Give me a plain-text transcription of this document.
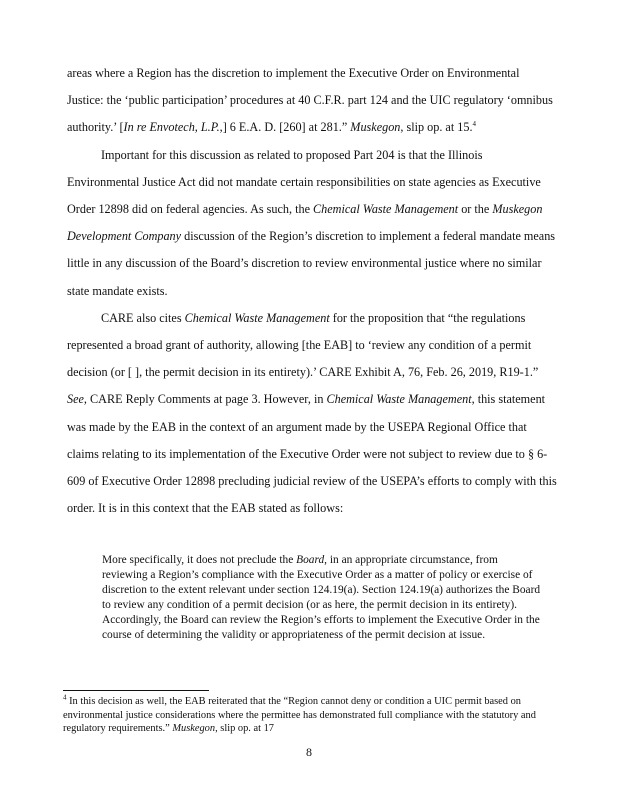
areas where a Region has the discretion to implement the Executive Order on Environmental Justice: the ‘public participation’ procedures at 40 C.F.R. part 124 and the UIC regulatory ‘omnibus authority.’ [In re Envotech, L.P.,] 6 E.A. D. [260] at 281.” Muskegon, slip op. at 15.$^4$

Important for this discussion as related to proposed Part 204 is that the Illinois Environmental Justice Act did not mandate certain responsibilities on state agencies as Executive Order 12898 did on federal agencies. As such, the Chemical Waste Management or the Muskegon Development Company discussion of the Region’s discretion to implement a federal mandate means little in any discussion of the Board’s discretion to review environmental justice where no similar state mandate exists.

CARE also cites Chemical Waste Management for the proposition that “the regulations represented a broad grant of authority, allowing [the EAB] to ‘review any condition of a permit decision (or [ ], the permit decision in its entirety).’ CARE Exhibit A, 76, Feb. 26, 2019, R19-1.” See, CARE Reply Comments at page 3. However, in Chemical Waste Management, this statement was made by the EAB in the context of an argument made by the USEPA Regional Office that claims relating to its implementation of the Executive Order were not subject to review due to § 6-609 of Executive Order 12898 precluding judicial review of the USEPA’s efforts to comply with this order. It is in this context that the EAB stated as follows:

More specifically, it does not preclude the Board, in an appropriate circumstance, from reviewing a Region’s compliance with the Executive Order as a matter of policy or exercise of discretion to the extent relevant under section 124.19(a). Section 124.19(a) authorizes the Board to review any condition of a permit decision (or as here, the permit decision in its entirety). Accordingly, the Board can review the Region’s efforts to implement the Executive Order in the course of determining the validity or appropriateness of the permit decision at issue.
$^4$ In this decision as well, the EAB reiterated that the “Region cannot deny or condition a UIC permit based on environmental justice considerations where the permittee has demonstrated full compliance with the statutory and regulatory requirements.” Muskegon, slip op. at 17
8
